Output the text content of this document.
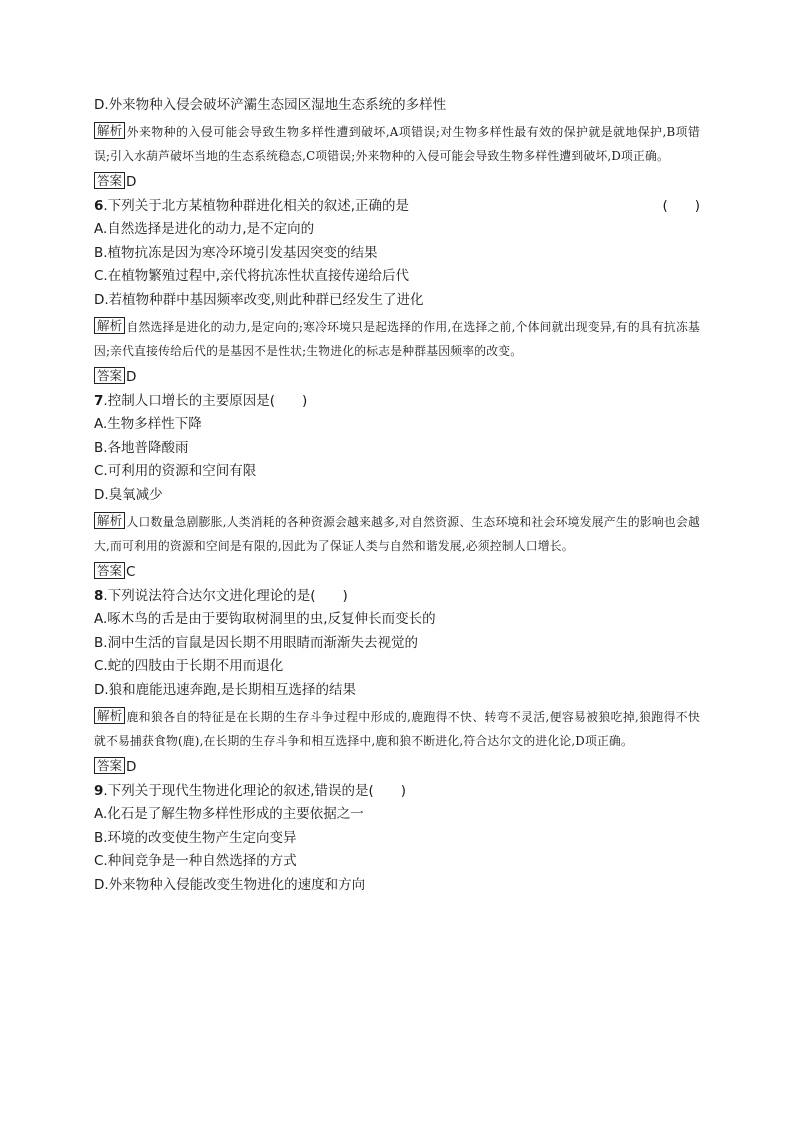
D.外来物种入侵会破坏浐灞生态园区湿地生态系统的多样性
解析 外来物种的入侵可能会导致生物多样性遭到破坏,A项错误;对生物多样性最有效的保护就是就地保护,B项错误;引入水葫芦破坏当地的生态系统稳态,C项错误;外来物种的入侵可能会导致生物多样性遭到破坏,D项正确。
答案 D
6.下列关于北方某植物种群进化相关的叙述,正确的是	(　　)
A.自然选择是进化的动力,是不定向的
B.植物抗冻是因为寒冷环境引发基因突变的结果
C.在植物繁殖过程中,亲代将抗冻性状直接传递给后代
D.若植物种群中基因频率改变,则此种群已经发生了进化
解析 自然选择是进化的动力,是定向的;寒冷环境只是起选择的作用,在选择之前,个体间就出现变异,有的具有抗冻基因;亲代直接传给后代的是基因不是性状;生物进化的标志是种群基因频率的改变。
答案 D
7.控制人口增长的主要原因是(　　)
A.生物多样性下降
B.各地普降酸雨
C.可利用的资源和空间有限
D.臭氧减少
解析 人口数量急剧膨胀,人类消耗的各种资源会越来越多,对自然资源、生态环境和社会环境发展产生的影响也会越大,而可利用的资源和空间是有限的,因此为了保证人类与自然和谐发展,必须控制人口增长。
答案 C
8.下列说法符合达尔文进化理论的是(　　)
A.啄木鸟的舌是由于要钩取树洞里的虫,反复伸长而变长的
B.洞中生活的盲鼠是因长期不用眼睛而渐渐失去视觉的
C.蛇的四肢由于长期不用而退化
D.狼和鹿能迅速奔跑,是长期相互选择的结果
解析 鹿和狼各自的特征是在长期的生存斗争过程中形成的,鹿跑得不快、转弯不灵活,便容易被狼吃掉,狼跑得不快就不易捕获食物(鹿),在长期的生存斗争和相互选择中,鹿和狼不断进化,符合达尔文的进化论,D项正确。
答案 D
9.下列关于现代生物进化理论的叙述,错误的是(　　)
A.化石是了解生物多样性形成的主要依据之一
B.环境的改变使生物产生定向变异
C.种间竞争是一种自然选择的方式
D.外来物种入侵能改变生物进化的速度和方向
